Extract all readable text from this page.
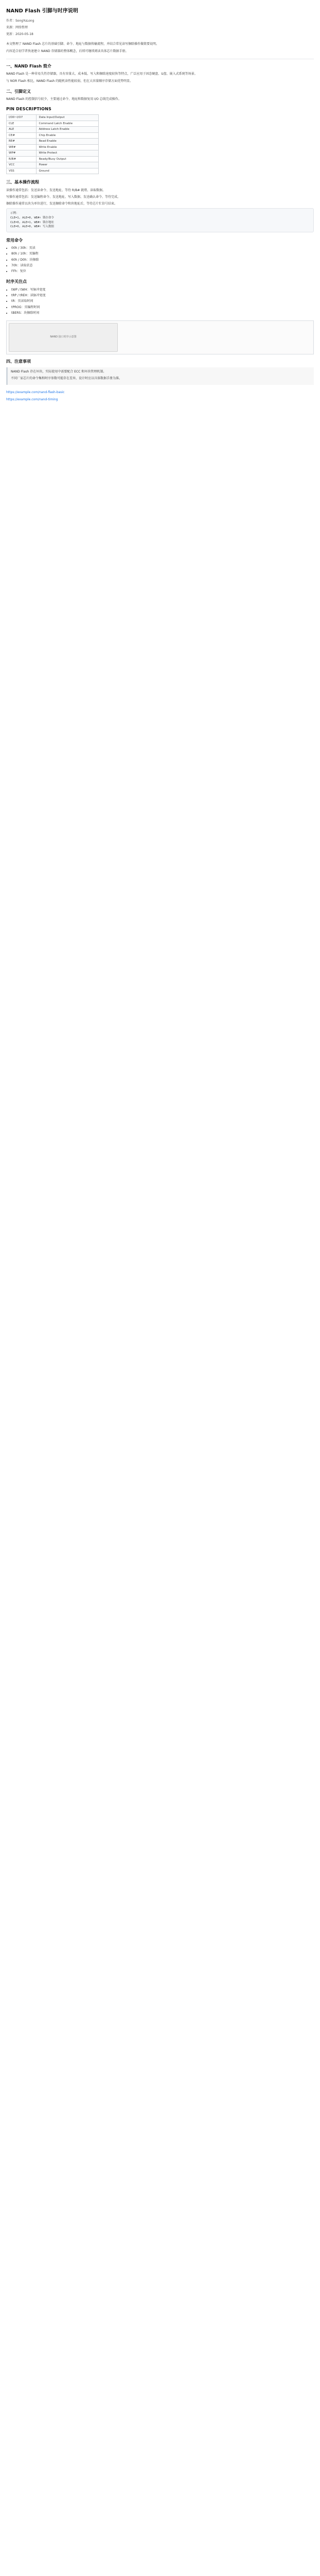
NAND Flash 引脚与时序说明
作者：SongYuLong
来源：网络整理
更新：2020-05-18

本文整理了 NAND Flash 芯片的基础引脚、命令、地址与数据传输流程，并结合常见读写擦除操作做简要说明。

内容适合初学者快速建立 NAND 存储器的整体概念，后续可继续阅读具体芯片数据手册。

一、NAND Flash 简介

NAND Flash 是一种非易失性存储器，具有容量大、成本低、写入和擦除速度较快等特点，广泛应用于固态硬盘、U盘、嵌入式系统等场景。

与 NOR Flash 相比，NAND Flash 的随机读性能较弱，但在大容量顺序存储方面优势明显。

二、引脚定义

NAND Flash 的控制信号较少，主要通过命令、地址和数据复用 I/O 总线完成操作。

PIN DESCRIPTIONS
I/O0~I/O7	Data Input/Output
CLE	Command Latch Enable
ALE	Address Latch Enable
CE#	Chip Enable
RE#	Read Enable
WE#	Write Enable
WP#	Write Protect
R/B#	Ready/Busy Output
VCC	Power
VSS	Ground
三、基本操作流程

读操作通常包括：发送读命令、发送地址、等待 R/B# 就绪、读取数据。

写操作通常包括：发送编程命令、发送地址、写入数据、发送确认命令、等待完成。

擦除操作通常以块为单位进行，发送擦除命令和块地址后，等待芯片忙信号结束。

示例：
CLE=1, ALE=0, WE#↑ 锁存命令
CLE=0, ALE=1, WE#↑ 锁存地址
CLE=0, ALE=0, WE#↑ 写入数据
常用命令
• 00h / 30h：页读
• 80h / 10h：页编程
• 60h / D0h：块擦除
• 70h：读取状态
• FFh：复位
时序关注点
• tWP / tWH：写脉冲宽度
• tRP / tREH：读脉冲宽度
• tR：页读取时间
• tPROG：页编程时间
• tBERS：块擦除时间
NAND 接口时序示意图
四、注意事项

NAND Flash 存在坏块，实际使用中需要配合 ECC 和坏块管理机制。

不同厂家芯片的命令集和时序参数可能存在差异，设计时应以具体数据手册为准。

https://example.com/nand-flash-basic

https://example.com/nand-timing
